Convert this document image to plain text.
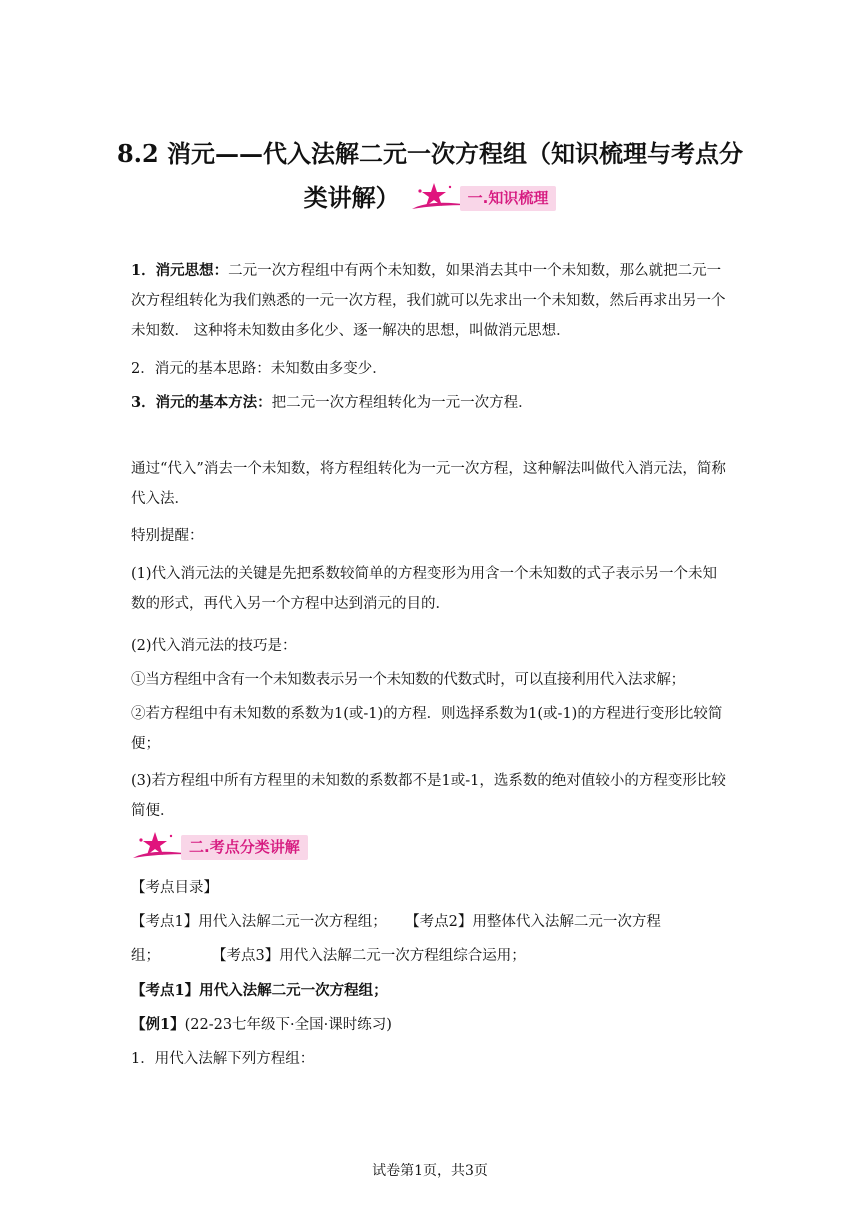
8.2 消元——代入法解二元一次方程组（知识梳理与考点分
类讲解）	一.知识梳理
1．消元思想：二元一次方程组中有两个未知数，如果消去其中一个未知数，那么就把二元一次方程组转化为我们熟悉的一元一次方程，我们就可以先求出一个未知数，然后再求出另一个未知数． 这种将未知数由多化少、逐一解决的思想，叫做消元思想．
2．消元的基本思路：未知数由多变少．
3．消元的基本方法：把二元一次方程组转化为一元一次方程．
通过“代入”消去一个未知数，将方程组转化为一元一次方程，这种解法叫做代入消元法，简称代入法．
特别提醒：
(1)代入消元法的关键是先把系数较简单的方程变形为用含一个未知数的式子表示另一个未知数的形式，再代入另一个方程中达到消元的目的．
(2)代入消元法的技巧是：
①当方程组中含有一个未知数表示另一个未知数的代数式时，可以直接利用代入法求解；
②若方程组中有未知数的系数为1(或-1)的方程．则选择系数为1(或-1)的方程进行变形比较简便；
(3)若方程组中所有方程里的未知数的系数都不是1或-1，选系数的绝对值较小的方程变形比较简便．
二.考点分类讲解
【考点目录】
【考点1】用代入法解二元一次方程组； 【考点2】用整体代入法解二元一次方程
组；	【考点3】用代入法解二元一次方程组综合运用；
【考点1】用代入法解二元一次方程组；
【例1】(22-23七年级下·全国·课时练习)
1．用代入法解下列方程组：
试卷第1页，共3页
